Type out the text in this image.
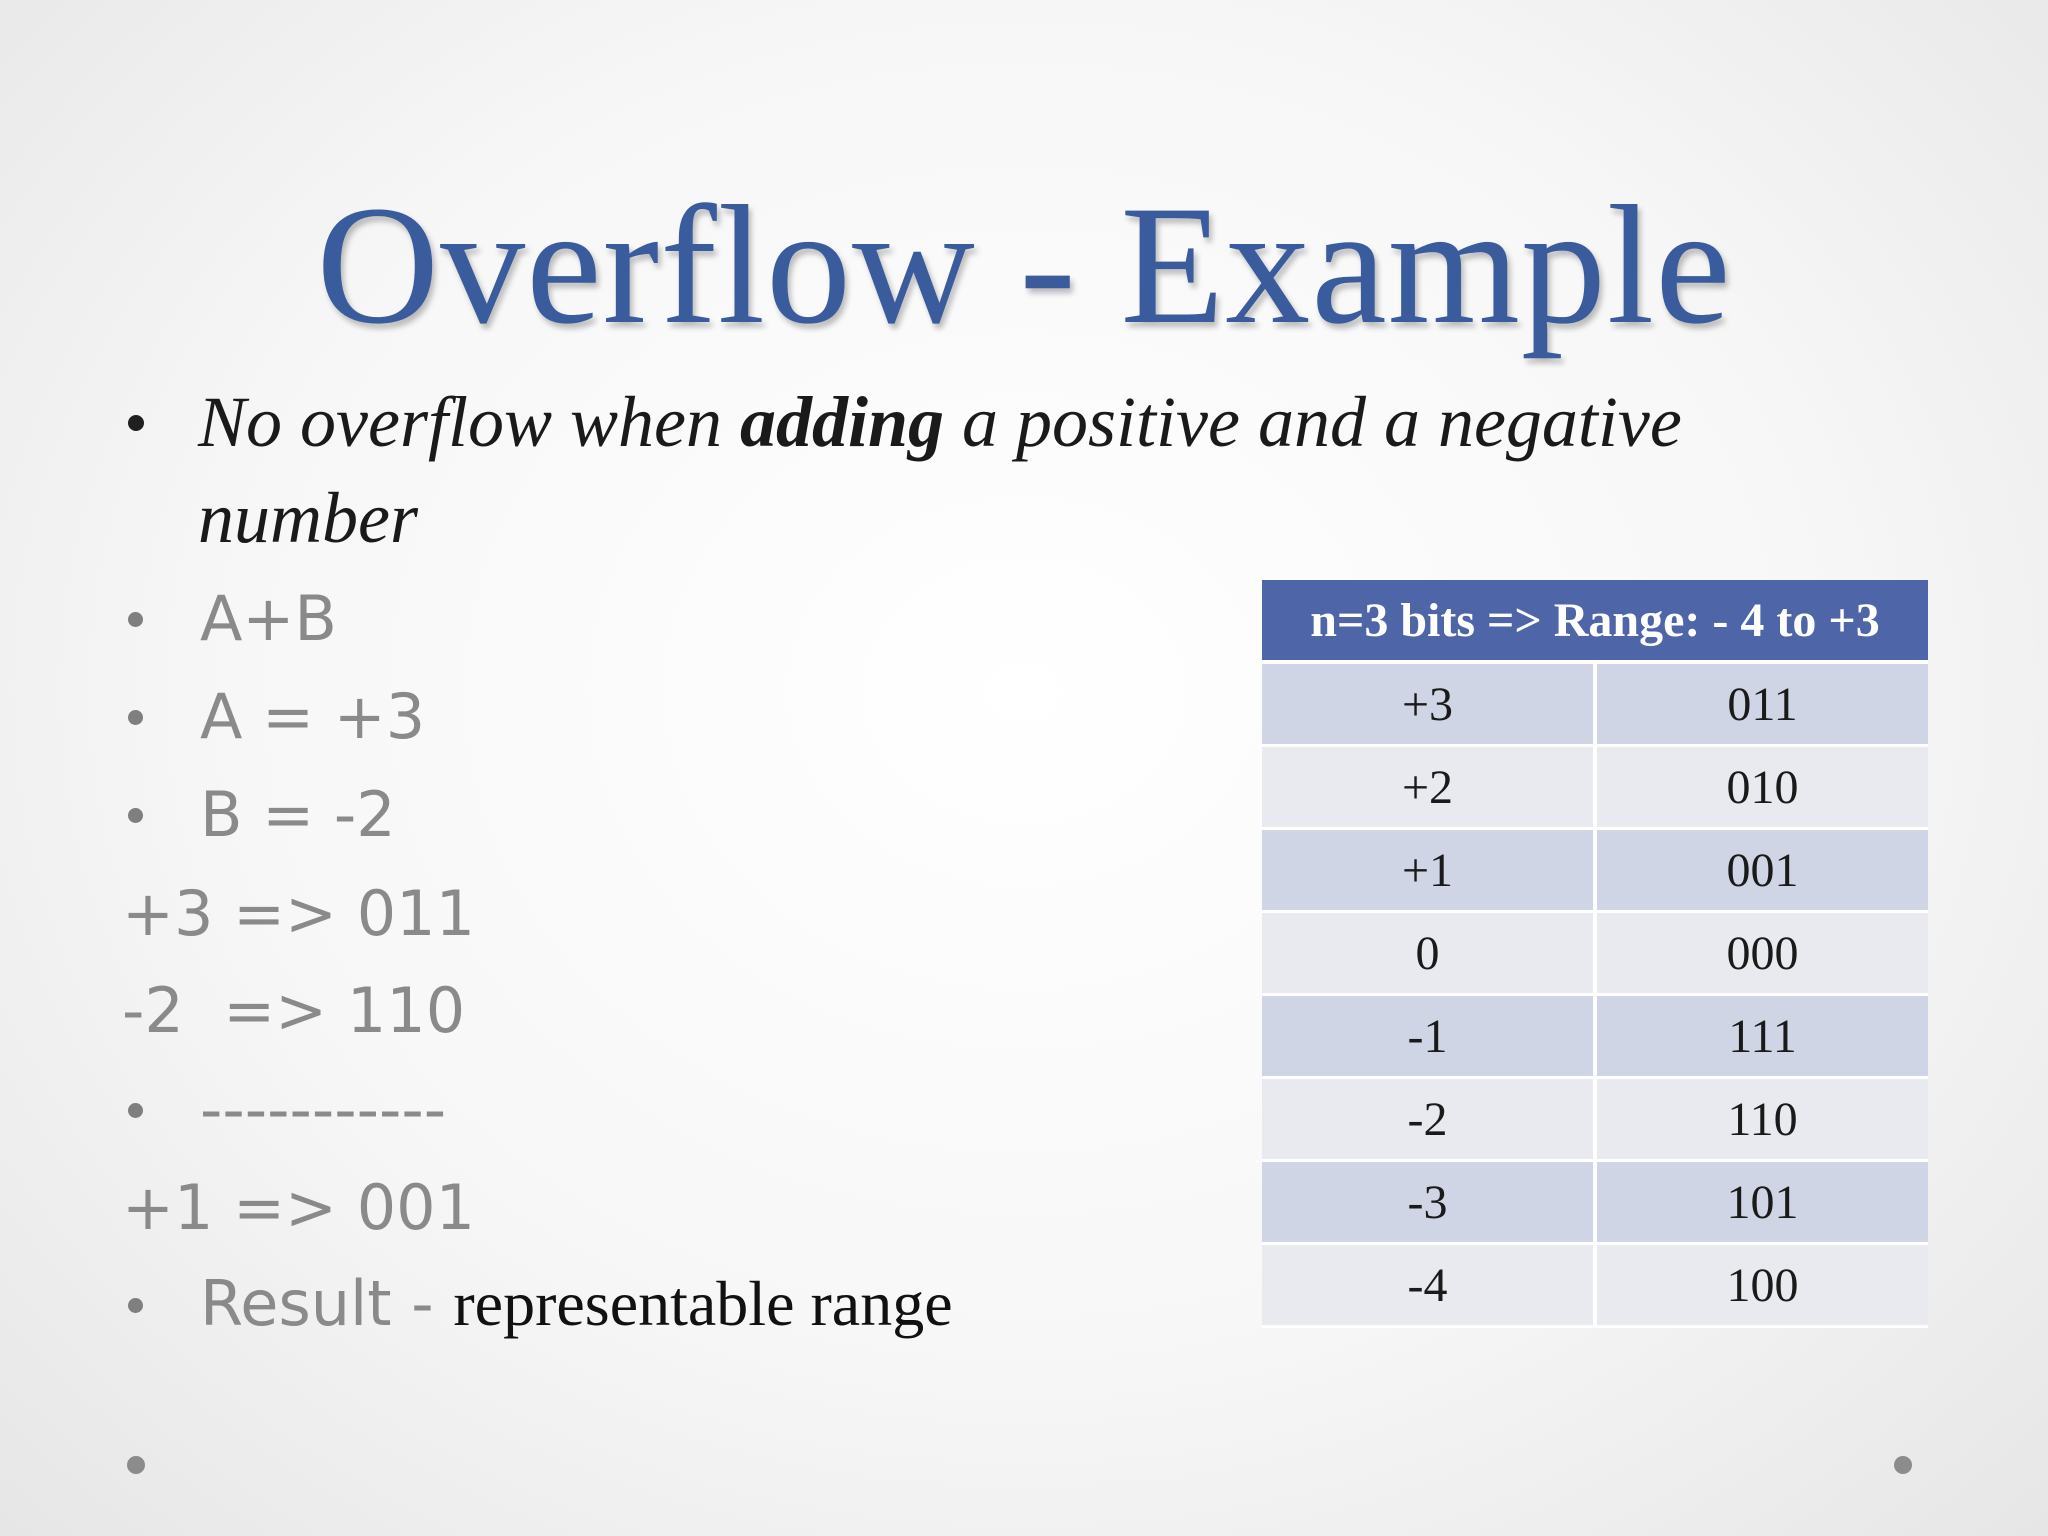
Overflow - Example
No overflow when adding a positive and a negative
number
A+B
A = +3
B = -2
+3 => 011
-2  => 110
-----------
+1 => 001
Result - representable range
n=3 bits => Range: - 4 to +3	
+3	011
+2	010
+1	001
0	000
-1	111
-2	110
-3	101
-4	100
